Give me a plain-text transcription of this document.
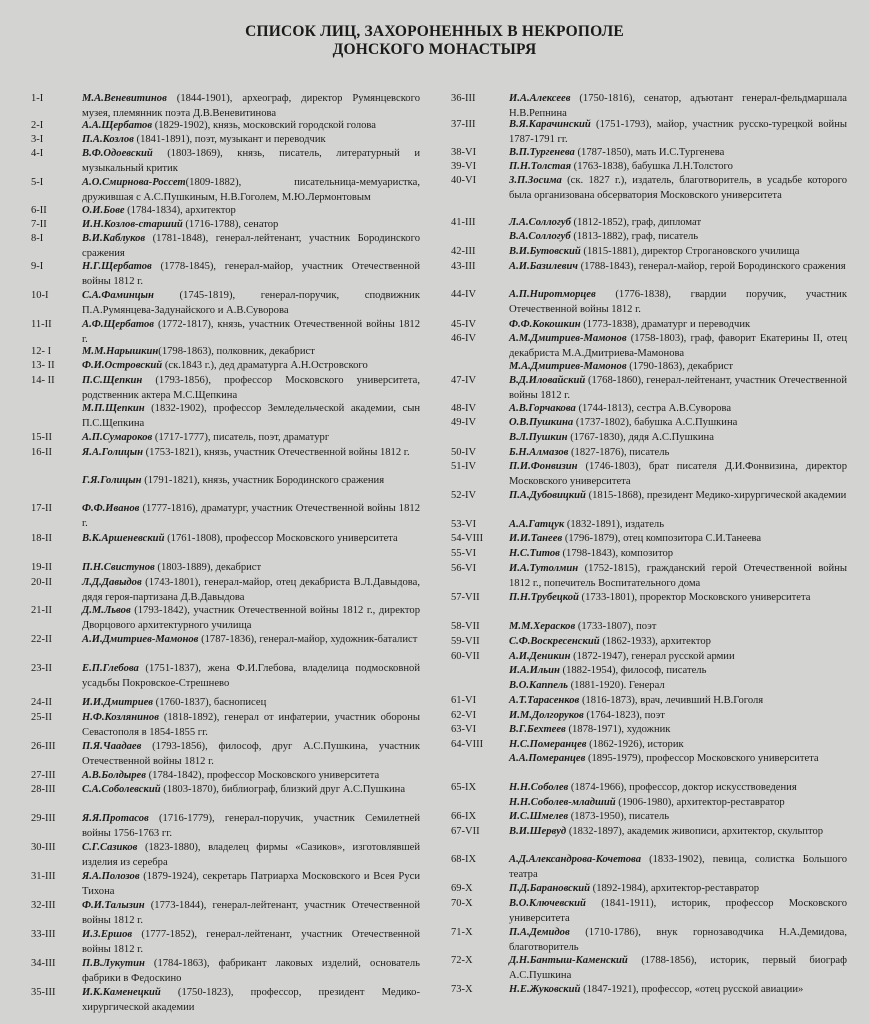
СПИСОК ЛИЦ, ЗАХОРОНЕННЫХ В НЕКРОПОЛЕ
ДОНСКОГО МОНАСТЫРЯ
1-I	М.А.Веневитинов (1844-1901), археограф, директор Румянцевского музея, племянник поэта Д.В.Веневитинова
2-I	А.А.Щербатов (1829-1902), князь, московский городской голова
3-I	П.А.Козлов (1841-1891), поэт, музыкант и переводчик
4-I	В.Ф.Одоевский (1803-1869), князь, писатель, литературный и музыкальный критик
5-I	А.О.Смирнова-Россет(1809-1882), писательница-мемуаристка, дружившая с А.С.Пушкиным, Н.В.Гоголем, М.Ю.Лермонтовым
6-II	О.И.Бове (1784-1834), архитектор
7-II	И.Н.Козлов-старший (1716-1788), сенатор
8-I	В.И.Каблуков (1781-1848), генерал-лейтенант, участник Бородинского сражения
9-I	Н.Г.Щербатов (1778-1845), генерал-майор, участник Отечественной войны 1812 г.
10-I	С.А.Фаминцын (1745-1819), генерал-поручик, сподвижник П.А.Румянцева-Задунайского и А.В.Суворова
11-II	А.Ф.Щербатов (1772-1817), князь, участник Отечественной войны 1812 г.
12- I	М.М.Нарышкин(1798-1863), полковник, декабрист
13- II	Ф.И.Островский (ск.1843 г.), дед драматурга А.Н.Островского
14- II	П.С.Щепкин (1793-1856), профессор Московского университета, родственник актера М.С.Щепкина
М.П.Щепкин (1832-1902), профессор Земледельческой академии, сын П.С.Щепкина
15-II	А.П.Сумароков (1717-1777), писатель, поэт, драматург
16-II	Я.А.Голицын (1753-1821), князь, участник Отечественной войны 1812 г.
Г.Я.Голицын (1791-1821), князь, участник Бородинского сражения
17-II	Ф.Ф.Иванов (1777-1816), драматург, участник Отечественной войны 1812 г.
18-II	В.К.Аршеневский (1761-1808), профессор Московского университета
19-II	П.Н.Свистунов (1803-1889), декабрист
20-II	Л.Д.Давыдов (1743-1801), генерал-майор, отец декабриста В.Л.Давыдова, дядя героя-партизана Д.В.Давыдова
21-II	Д.М.Львов (1793-1842), участник Отечественной войны 1812 г., директор Дворцового архитектурного училища
22-II	А.И.Дмитриев-Мамонов (1787-1836), генерал-майор, художник-баталист
23-II	Е.П.Глебова (1751-1837), жена Ф.И.Глебова, владелица подмосковной усадьбы Покровское-Стрешнево
24-II	И.И.Дмитриев (1760-1837), баснописец
25-II	Н.Ф.Козлянинов (1818-1892), генерал от инфатерии, участник обороны Севастополя в 1854-1855 гг.
26-III	П.Я.Чаадаев (1793-1856), философ, друг А.С.Пушкина, участник Отечественной войны 1812 г.
27-III	А.В.Болдырев (1784-1842), профессор Московского университета
28-III	С.А.Соболевский (1803-1870), библиограф, близкий друг А.С.Пушкина
29-III	Я.Я.Протасов (1716-1779), генерал-поручик, участник Семилетней войны 1756-1763 гг.
30-III	С.Г.Сазиков (1823-1880), владелец фирмы «Сазиков», изготовлявшей изделия из серебра
31-III	Я.А.Полозов (1879-1924), секретарь Патриарха Московского и Всея Руси Тихона
32-III	Ф.И.Талызин (1773-1844), генерал-лейтенант, участник Отечественной войны 1812 г.
33-III	И.З.Ершов (1777-1852), генерал-лейтенант, участник Отечественной войны 1812 г.
34-III	П.В.Лукутин (1784-1863), фабрикант лаковых изделий, основатель фабрики в Федоскино
35-III	И.К.Каменецкий (1750-1823), профессор, президент Медико-хирургической академии
36-III	И.А.Алексеев (1750-1816), сенатор, адъютант генерал-фельдмаршала Н.В.Репнина
37-III	В.Я.Карачинский (1751-1793), майор, участник русско-турецкой войны 1787-1791 гг.
38-VI	В.П.Тургенева (1787-1850), мать И.С.Тургенева
39-VI	П.Н.Толстая (1763-1838), бабушка Л.Н.Толстого
40-VI	З.П.Зосима (ск. 1827 г.), издатель, благотворитель, в усадьбе которого была организована обсерватория Московского университета
41-III	Л.А.Соллогуб (1812-1852), граф, дипломат
В.А.Соллогуб (1813-1882), граф, писатель
42-III	В.И.Бутовский (1815-1881), директор Строгановского училища
43-III	А.И.Базилевич (1788-1843), генерал-майор, герой Бородинского сражения
44-IV	А.П.Ниротморцев (1776-1838), гвардии поручик, участник Отечественной войны 1812 г.
45-IV	Ф.Ф.Кокошкин (1773-1838), драматург и переводчик
46-IV	А.М.Дмитриев-Мамонов (1758-1803), граф, фаворит Екатерины II, отец декабриста М.А.Дмитриева-Мамонова
М.А.Дмитриев-Мамонов (1790-1863), декабрист
47-IV	В.Д.Иловайский (1768-1860), генерал-лейтенант, участник Отечественной войны 1812 г.
48-IV	А.В.Горчакова (1744-1813), сестра А.В.Суворова
49-IV	О.В.Пушкина (1737-1802), бабушка А.С.Пушкина
В.Л.Пушкин (1767-1830), дядя А.С.Пушкина
50-IV	Б.Н.Алмазов (1827-1876), писатель
51-IV	П.И.Фонвизин (1746-1803), брат писателя Д.И.Фонвизина, директор Московского университета
52-IV	П.А.Дубовицкий (1815-1868), президент Медико-хирургической академии
53-VI	А.А.Гатцук (1832-1891), издатель
54-VIII	И.И.Танеев (1796-1879), отец композитора С.И.Танеева
55-VI	Н.С.Титов (1798-1843), композитор
56-VI	И.А.Тутолмин (1752-1815), гражданский герой Отечественной войны 1812 г., попечитель Воспитательного дома
57-VII	П.Н.Трубецкой (1733-1801), проректор Московского университета
58-VII	М.М.Херасков (1733-1807), поэт
59-VII	С.Ф.Воскресенский (1862-1933), архитектор
60-VII	А.И.Деникин (1872-1947), генерал русской армии
И.А.Ильин (1882-1954), философ, писатель
В.О.Каппель (1881-1920). Генерал
61-VI	А.Т.Тарасенков (1816-1873), врач, лечивший Н.В.Гоголя
62-VI	И.М.Долгоруков (1764-1823), поэт
63-VI	В.Г.Бехтеев (1878-1971), художник
64-VIII	Н.С.Померанцев (1862-1926), историк
А.А.Померанцев (1895-1979), профессор Московского университета
65-IX	Н.Н.Соболев (1874-1966), профессор, доктор искусствоведения
Н.Н.Соболев-младший (1906-1980), архитектор-реставратор
66-IX	И.С.Шмелев (1873-1950), писатель
67-VII	В.И.Шервуд (1832-1897), академик живописи, архитектор, скульптор
68-IX	А.Д.Александрова-Кочетова (1833-1902), певица, солистка Большого театра
69-X	П.Д.Барановский (1892-1984), архитектор-реставратор
70-X	В.О.Ключевский (1841-1911), историк, профессор Московского университета
71-X	П.А.Демидов (1710-1786), внук горнозаводчика Н.А.Демидова, благотворитель
72-X	Д.Н.Бантыш-Каменский (1788-1856), историк, первый биограф А.С.Пушкина
73-X	Н.Е.Жуковский (1847-1921), профессор, «отец русской авиации»
